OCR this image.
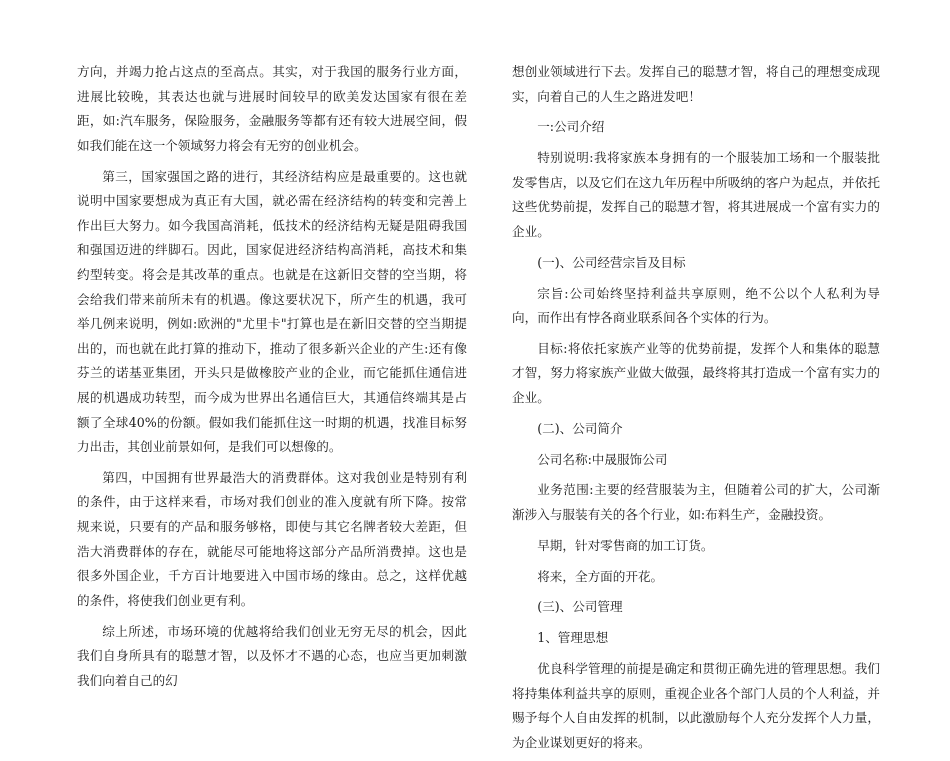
方向，并竭力抢占这点的至高点。其实，对于我国的服务行业方面，进展比较晚，其表达也就与进展时间较早的欧美发达国家有很在差距，如:汽车服务，保险服务，金融服务等都有还有较大进展空间，假如我们能在这一个领域努力将会有无穷的创业机会。

第三，国家强国之路的进行，其经济结构应是最重要的。这也就说明中国家要想成为真正有大国，就必需在经济结构的转变和完善上作出巨大努力。如今我国高消耗，低技术的经济结构无疑是阻碍我国和强国迈进的绊脚石。因此，国家促进经济结构高消耗，高技术和集约型转变。将会是其改革的重点。也就是在这新旧交替的空当期，将会给我们带来前所未有的机遇。像这要状况下，所产生的机遇，我可举几例来说明，例如:欧洲的"尤里卡"打算也是在新旧交替的空当期提出的，而也就在此打算的推动下，推动了很多新兴企业的产生:还有像芬兰的诺基亚集团，开头只是做橡胶产业的企业，而它能抓住通信进展的机遇成功转型，而今成为世界出名通信巨大，其通信终端其是占额了全球40%的份额。假如我们能抓住这一时期的机遇，找准目标努力出击，其创业前景如何，是我们可以想像的。

第四，中国拥有世界最浩大的消费群体。这对我创业是特别有利的条件，由于这样来看，市场对我们创业的准入度就有所下降。按常规来说，只要有的产品和服务够格，即使与其它名牌者较大差距，但浩大消费群体的存在，就能尽可能地将这部分产品所消费掉。这也是很多外国企业，千方百计地要进入中国市场的缘由。总之，这样优越的条件，将使我们创业更有利。

综上所述，市场环境的优越将给我们创业无穷无尽的机会，因此我们自身所具有的聪慧才智，以及怀才不遇的心态，也应当更加刺激我们向着自己的幻

想创业领域进行下去。发挥自己的聪慧才智，将自己的理想变成现实，向着自己的人生之路进发吧！

一:公司介绍

特别说明:我将家族本身拥有的一个服装加工场和一个服装批发零售店，以及它们在这九年历程中所吸纳的客户为起点，并依托这些优势前提，发挥自己的聪慧才智，将其进展成一个富有实力的企业。

(一)、公司经营宗旨及目标

宗旨:公司始终坚持利益共享原则，绝不公以个人私利为导向，而作出有悖各商业联系间各个实体的行为。

目标:将依托家族产业等的优势前提，发挥个人和集体的聪慧才智，努力将家族产业做大做强，最终将其打造成一个富有实力的企业。

(二)、公司简介

公司名称:中晟服饰公司

业务范围:主要的经营服装为主，但随着公司的扩大，公司渐渐涉入与服装有关的各个行业，如:布料生产，金融投资。

早期，针对零售商的加工订货。

将来，全方面的开花。

(三)、公司管理

1、管理思想

优良科学管理的前提是确定和贯彻正确先进的管理思想。我们将持集体利益共享的原则，重视企业各个部门人员的个人利益，并赐予每个人自由发挥的机制，以此激励每个人充分发挥个人力量，为企业谋划更好的将来。
